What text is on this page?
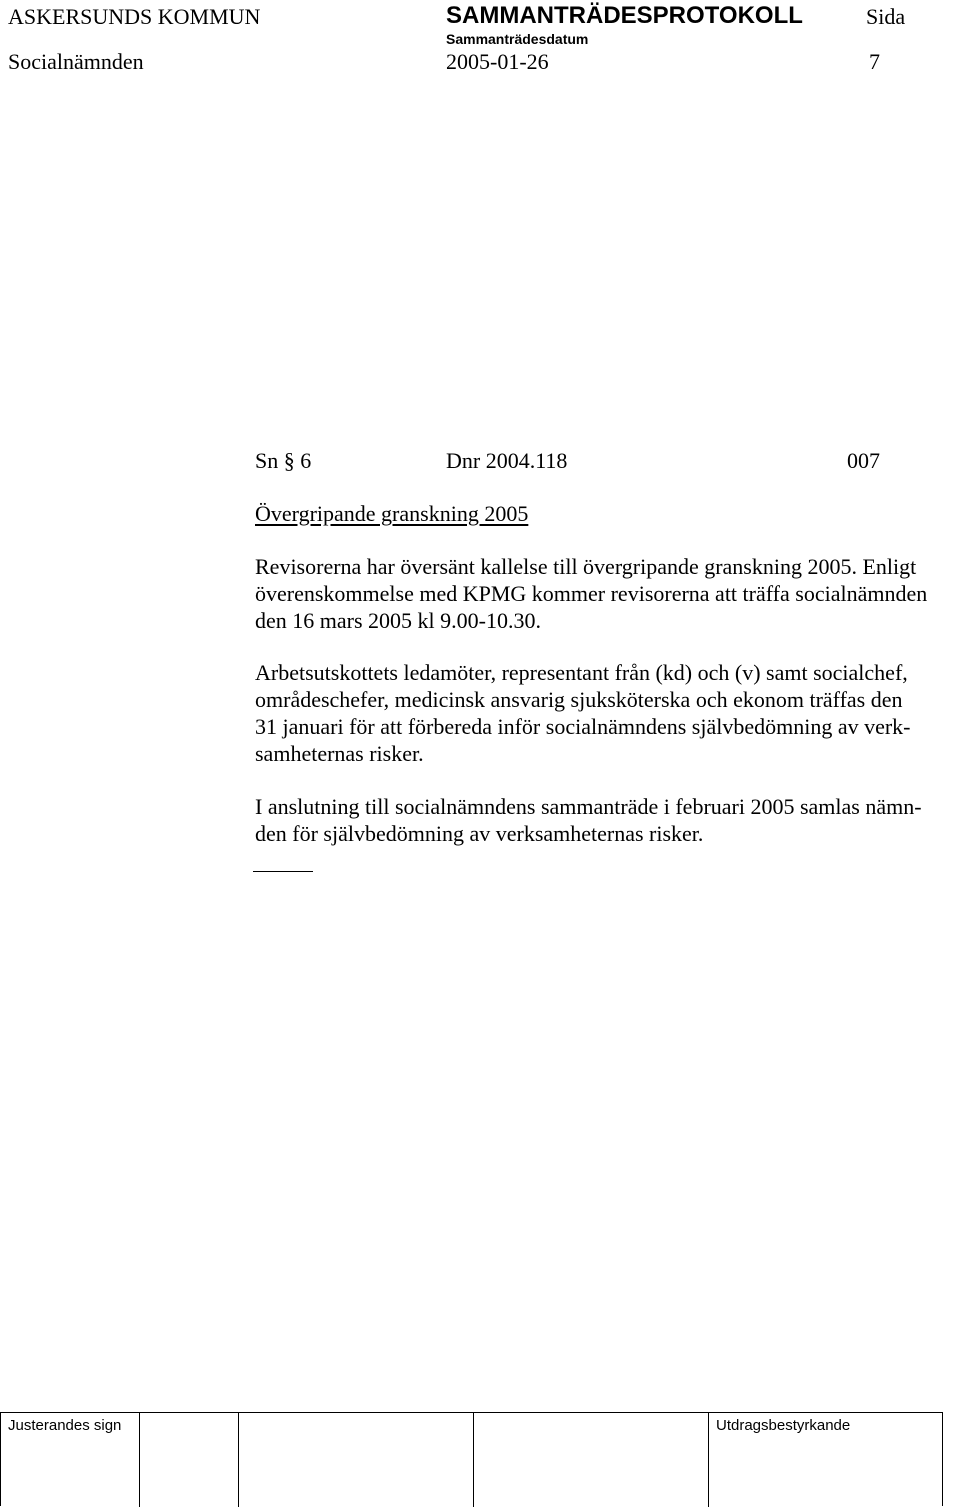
ASKERSUNDS KOMMUN	SAMMANTRÄDESPROTOKOLL	Sida
Sammanträdesdatum
Socialnämnden	2005-01-26	7
Sn § 6	Dnr 2004.118	007
Övergripande granskning 2005
Revisorerna har översänt kallelse till övergripande granskning 2005. Enligt
överenskommelse med KPMG kommer revisorerna att träffa socialnämnden
den 16 mars 2005 kl 9.00-10.30.
Arbetsutskottets ledamöter, representant från (kd) och (v) samt socialchef,
områdeschefer, medicinsk ansvarig sjuksköterska och ekonom träffas den
31 januari för att förbereda inför socialnämndens självbedömning av verk-
samheternas risker.
I anslutning till socialnämndens sammanträde i februari 2005 samlas nämn-
den för självbedömning av verksamheternas risker.
Justerandes sign	Utdragsbestyrkande
